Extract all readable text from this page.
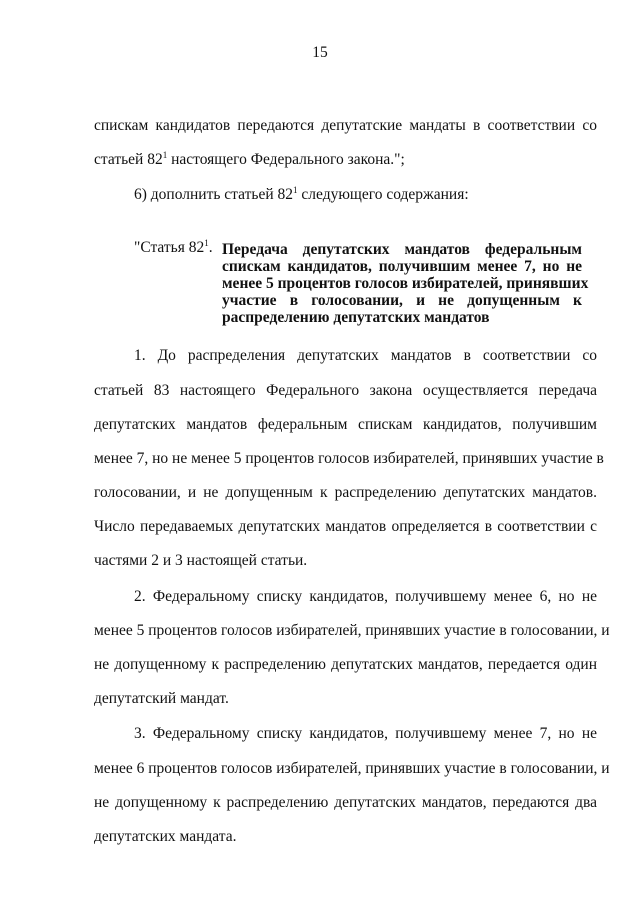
15
спискам кандидатов передаются депутатские мандаты в соответствии со
статьей $82^1$ настоящего Федерального закона.";
6) дополнить статьей $82^1$ следующего содержания:
"Статья $82^1$. Передача депутатских мандатов федеральным
спискам кандидатов, получившим менее 7, но не
менее 5 процентов голосов избирателей, принявших
участие в голосовании, и не допущенным к
распределению депутатских мандатов
1. До распределения депутатских мандатов в соответствии со
статьей 83 настоящего Федерального закона осуществляется передача
депутатских мандатов федеральным спискам кандидатов, получившим
менее 7, но не менее 5 процентов голосов избирателей, принявших участие в
голосовании, и не допущенным к распределению депутатских мандатов.
Число передаваемых депутатских мандатов определяется в соответствии с
частями 2 и 3 настоящей статьи.
2. Федеральному списку кандидатов, получившему менее 6, но не
менее 5 процентов голосов избирателей, принявших участие в голосовании, и
не допущенному к распределению депутатских мандатов, передается один
депутатский мандат.
3. Федеральному списку кандидатов, получившему менее 7, но не
менее 6 процентов голосов избирателей, принявших участие в голосовании, и
не допущенному к распределению депутатских мандатов, передаются два
депутатских мандата.
